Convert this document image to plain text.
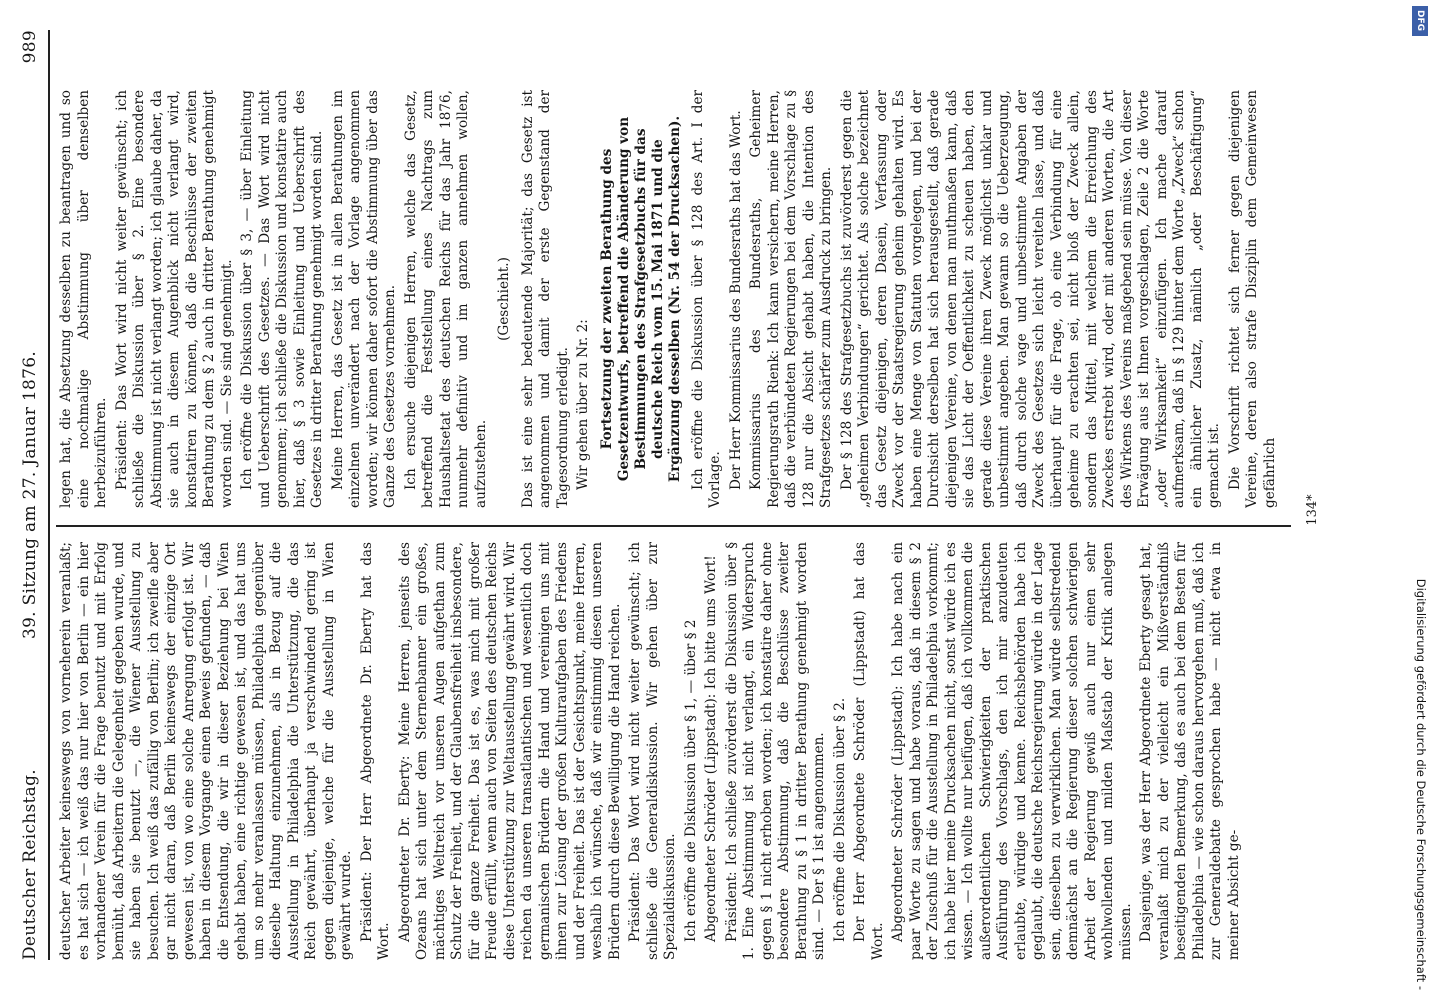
Deutscher Reichstag.
39. Sitzung am 27. Januar 1876.
989

deutscher Arbeiter keineswegs von vorneherein veranlaßt; es hat sich — ich weiß das nur hier von Berlin — ein hier vorhandener Verein für die Frage benutzt und mit Erfolg bemüht, daß Arbeitern die Gelegenheit gegeben wurde, und sie haben sie benutzt —, die Wiener Ausstellung zu besuchen. Ich weiß das zufällig von Berlin; ich zweifle aber gar nicht daran, daß Berlin keineswegs der einzige Ort gewesen ist, von wo eine solche Anregung erfolgt ist. Wir haben in diesem Vorgange einen Beweis gefunden, — daß die Entsendung, die wir in dieser Beziehung bei Wien gehabt haben, eine richtige gewesen ist, und das hat uns um so mehr veranlassen müssen, Philadelphia gegenüber dieselbe Haltung einzunehmen, als in Bezug auf die Ausstellung in Philadelphia die Unterstützung, die das Reich gewährt, überhaupt ja verschwindend gering ist gegen diejenige, welche für die Ausstellung in Wien gewährt wurde. Präsident: Der Herr Abgeordnete Dr. Eberty hat das Wort. Abgeordneter Dr. Eberty: Meine Herren, jenseits des Ozeans hat sich unter dem Sternenbanner ein großes, mächtiges Weltreich vor unseren Augen aufgethan zum Schutz der Freiheit, und der Glaubensfreiheit insbesondere, für die ganze Freiheit. Das ist es, was mich mit großer Freude erfüllt, wenn auch von Seiten des deutschen Reichs diese Unterstützung zur Weltausstellung gewährt wird. Wir reichen da unseren transatlantischen und wesentlich doch germanischen Brüdern die Hand und vereinigen uns mit ihnen zur Lösung der großen Kulturaufgaben des Friedens und der Freiheit. Das ist der Gesichtspunkt, meine Herren, weshalb ich wünsche, daß wir einstimmig diesen unseren Brüdern durch diese Bewilligung die Hand reichen. Präsident: Das Wort wird nicht weiter gewünscht; ich schließe die Generaldiskussion. Wir gehen über zur Spezialdiskussion. Ich eröffne die Diskussion über § 1, — über § 2 Abgeordneter Schröder (Lippstadt): Ich bitte ums Wort! Präsident: Ich schließe zuvörderst die Diskussion über § 1. Eine Abstimmung ist nicht verlangt, ein Widerspruch gegen § 1 nicht erhoben worden; ich konstatire daher ohne besondere Abstimmung, daß die Beschlüsse zweiter Berathung zu § 1 in dritter Berathung genehmigt worden sind. — Der § 1 ist angenommen. Ich eröffne die Diskussion über § 2. Der Herr Abgeordnete Schröder (Lippstadt) hat das Wort. Abgeordneter Schröder (Lippstadt): Ich habe nach ein paar Worte zu sagen und habe voraus, daß in diesem § 2 der Zuschuß für die Ausstellung in Philadelphia vorkommt; ich habe hier meine Drucksachen nicht, sonst würde ich es wissen. — Ich wollte nur beifügen, daß ich vollkommen die außerordentlichen Schwierigkeiten der praktischen Ausführung des Vorschlags, den ich mir anzudeuten erlaubte, würdige und kenne. Reichsbehörden habe ich geglaubt, die deutsche Reichsregierung würde in der Lage sein, dieselben zu verwirklichen. Man würde selbstredend demnächst an die Regierung dieser solchen schwierigen Arbeit der Regierung gewiß auch nur einen sehr wohlwollenden und milden Maßstab der Kritik anlegen müssen. Dasjenige, was der Herr Abgeordnete Eberty gesagt hat, veranlaßt mich zu der vielleicht ein Mißverständniß beseitigenden Bemerkung, daß es auch bei dem Besten für Philadelphia — wie schon daraus hervorgehen muß, daß ich zur Generaldebatte gesprochen habe — nicht etwa in meiner Absicht ge-

legen hat, die Absetzung desselben zu beantragen und so eine nochmalige Abstimmung über denselben herbeizuführen. Präsident: Das Wort wird nicht weiter gewünscht; ich schließe die Diskussion über § 2. Eine besondere Abstimmung ist nicht verlangt worden; ich glaube daher, da sie auch in diesem Augenblick nicht verlangt wird, konstatiren zu können, daß die Beschlüsse der zweiten Berathung zu dem § 2 auch in dritter Berathung genehmigt worden sind. — Sie sind genehmigt. Ich eröffne die Diskussion über § 3, — über Einleitung und Ueberschrift des Gesetzes. — Das Wort wird nicht genommen; ich schließe die Diskussion und konstatire auch hier, daß § 3 sowie Einleitung und Ueberschrift des Gesetzes in dritter Berathung genehmigt worden sind. Meine Herren, das Gesetz ist in allen Berathungen im einzelnen unverändert nach der Vorlage angenommen worden; wir können daher sofort die Abstimmung über das Ganze des Gesetzes vornehmen. Ich ersuche diejenigen Herren, welche das Gesetz, betreffend die Feststellung eines Nachtrags zum Haushaltsetat des deutschen Reichs für das Jahr 1876, nunmehr definitiv und im ganzen annehmen wollen, aufzustehen.

(Geschieht.) Das ist eine sehr bedeutende Majorität; das Gesetz ist angenommen und damit der erste Gegenstand der Tagesordnung erledigt. Wir gehen über zu Nr. 2: Fortsetzung der zweiten Berathung des Gesetzentwurfs, betreffend die Abänderung von Bestimmungen des Strafgesetzbuchs für das deutsche Reich vom 15. Mai 1871 und die Ergänzung desselben (Nr. 54 der Drucksachen). Ich eröffne die Diskussion über § 128 des Art. I der Vorlage. Der Herr Kommissarius des Bundesraths hat das Wort. Kommissarius des Bundesraths, Geheimer Regierungsrath Rienk: Ich kann versichern, meine Herren, daß die verbündeten Regierungen bei dem Vorschlage zu § 128 nur die Absicht gehabt haben, die Intention des Strafgesetzes schärfer zum Ausdruck zu bringen. Der § 128 des Strafgesetzbuchs ist zuvörderst gegen die „geheimen Verbindungen“ gerichtet. Als solche bezeichnet das Gesetz diejenigen, deren Dasein, Verfassung oder Zweck vor der Staatsregierung geheim gehalten wird. Es haben eine Menge von Statuten vorgelegen, und bei der Durchsicht derselben hat sich herausgestellt, daß gerade diejenigen Vereine, von denen man muthmaßen kann, daß sie das Licht der Oeffentlichkeit zu scheuen haben, den gerade diese Vereine ihren Zweck möglichst unklar und unbestimmt angeben. Man gewann so die Ueberzeugung, daß durch solche vage und unbestimmte Angaben der Zweck des Gesetzes sich leicht vereiteln lasse, und daß überhaupt für die Frage, ob eine Verbindung für eine geheime zu erachten sei, nicht bloß der Zweck allein, sondern das Mittel, mit welchem die Erreichung des Zweckes erstrebt wird, oder mit anderen Worten, die Art des Wirkens des Vereins maßgebend sein müsse. Von dieser Erwägung aus ist Ihnen vorgeschlagen, Zeile 2 die Worte „oder Wirksamkeit“ einzufügen. Ich mache darauf aufmerksam, daß in § 129 hinter dem Worte „Zweck“ schon ein ähnlicher Zusatz, nämlich „oder Beschäftigung“ gemacht ist. Die Vorschrift richtet sich ferner gegen diejenigen Vereine, deren also strafe Disziplin dem Gemeinwesen gefährlich

134*
Digitalisierung gefördert durch die Deutsche Forschungsgemeinschaft -
DFG
